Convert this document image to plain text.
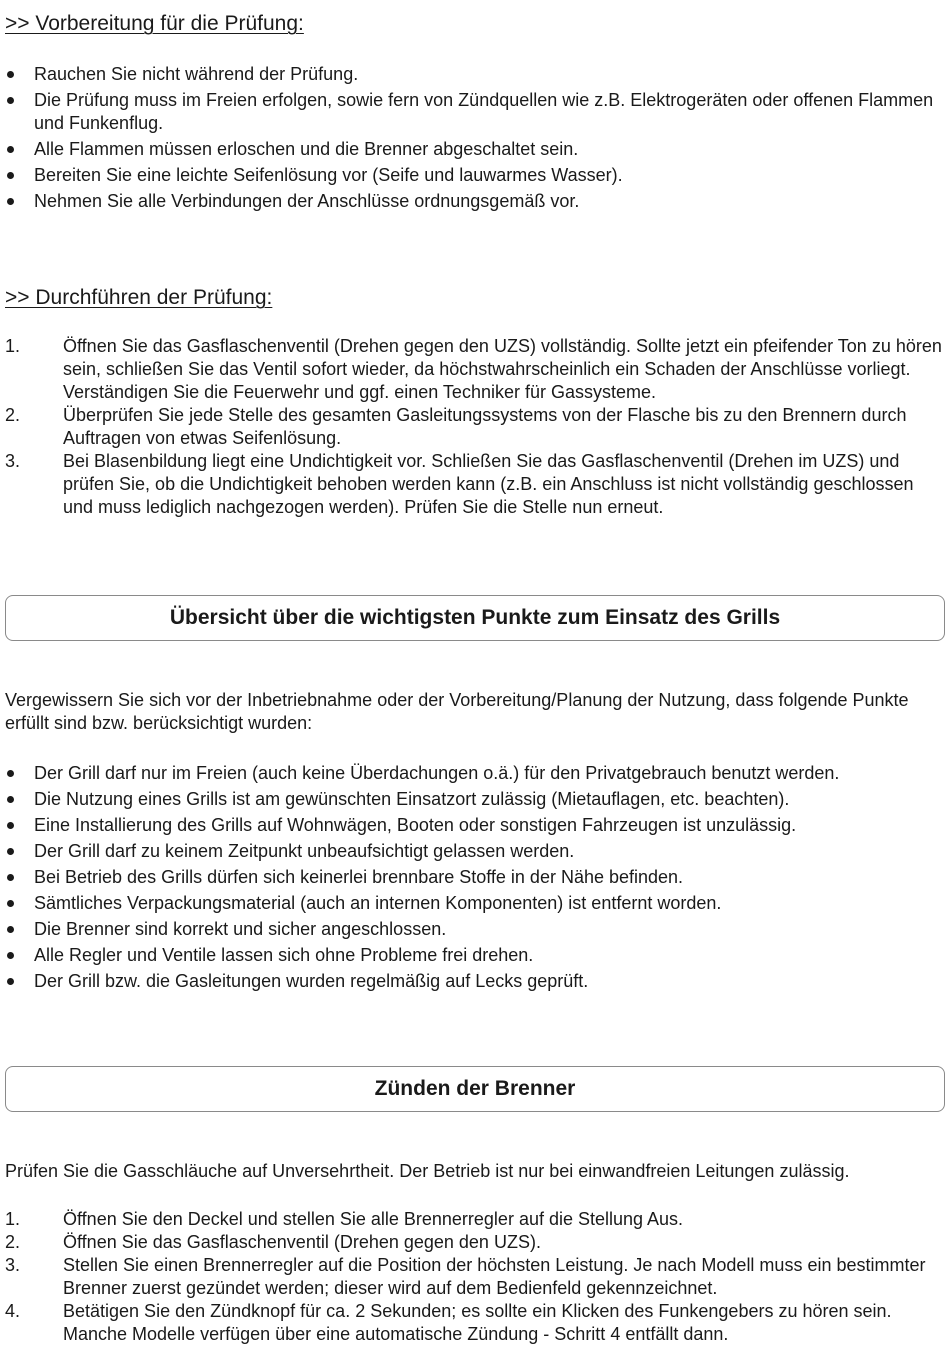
>> Vorbereitung für die Prüfung:
Rauchen Sie nicht während der Prüfung.
Die Prüfung muss im Freien erfolgen, sowie fern von Zündquellen wie z.B. Elektrogeräten oder offenen Flammen und Funkenflug.
Alle Flammen müssen erloschen und die Brenner abgeschaltet sein.
Bereiten Sie eine leichte Seifenlösung vor (Seife und lauwarmes Wasser).
Nehmen Sie alle Verbindungen der Anschlüsse ordnungsgemäß vor.
>> Durchführen der Prüfung:
1. Öffnen Sie das Gasflaschenventil (Drehen gegen den UZS) vollständig. Sollte jetzt ein pfeifender Ton zu hören sein, schließen Sie das Ventil sofort wieder, da höchstwahrscheinlich ein Schaden der Anschlüsse vorliegt. Verständigen Sie die Feuerwehr und ggf. einen Techniker für Gassysteme.
2. Überprüfen Sie jede Stelle des gesamten Gasleitungssystems von der Flasche bis zu den Brennern durch Auftragen von etwas Seifenlösung.
3. Bei Blasenbildung liegt eine Undichtigkeit vor. Schließen Sie das Gasflaschenventil (Drehen im UZS) und prüfen Sie, ob die Undichtigkeit behoben werden kann (z.B. ein Anschluss ist nicht vollständig geschlossen und muss lediglich nachgezogen werden). Prüfen Sie die Stelle nun erneut.
Übersicht über die wichtigsten Punkte zum Einsatz des Grills

Vergewissern Sie sich vor der Inbetriebnahme oder der Vorbereitung/Planung der Nutzung, dass folgende Punkte erfüllt sind bzw. berücksichtigt wurden:

Der Grill darf nur im Freien (auch keine Überdachungen o.ä.) für den Privatgebrauch benutzt werden.
Die Nutzung eines Grills ist am gewünschten Einsatzort zulässig (Mietauflagen, etc. beachten).
Eine Installierung des Grills auf Wohnwägen, Booten oder sonstigen Fahrzeugen ist unzulässig.
Der Grill darf zu keinem Zeitpunkt unbeaufsichtigt gelassen werden.
Bei Betrieb des Grills dürfen sich keinerlei brennbare Stoffe in der Nähe befinden.
Sämtliches Verpackungsmaterial (auch an internen Komponenten) ist entfernt worden.
Die Brenner sind korrekt und sicher angeschlossen.
Alle Regler und Ventile lassen sich ohne Probleme frei drehen.
Der Grill bzw. die Gasleitungen wurden regelmäßig auf Lecks geprüft.
Zünden der Brenner

Prüfen Sie die Gasschläuche auf Unversehrtheit. Der Betrieb ist nur bei einwandfreien Leitungen zulässig.

1. Öffnen Sie den Deckel und stellen Sie alle Brennerregler auf die Stellung Aus.
2. Öffnen Sie das Gasflaschenventil (Drehen gegen den UZS).
3. Stellen Sie einen Brennerregler auf die Position der höchsten Leistung. Je nach Modell muss ein bestimmter Brenner zuerst gezündet werden; dieser wird auf dem Bedienfeld gekennzeichnet.
4. Betätigen Sie den Zündknopf für ca. 2 Sekunden; es sollte ein Klicken des Funkengebers zu hören sein. Manche Modelle verfügen über eine automatische Zündung - Schritt 4 entfällt dann.
